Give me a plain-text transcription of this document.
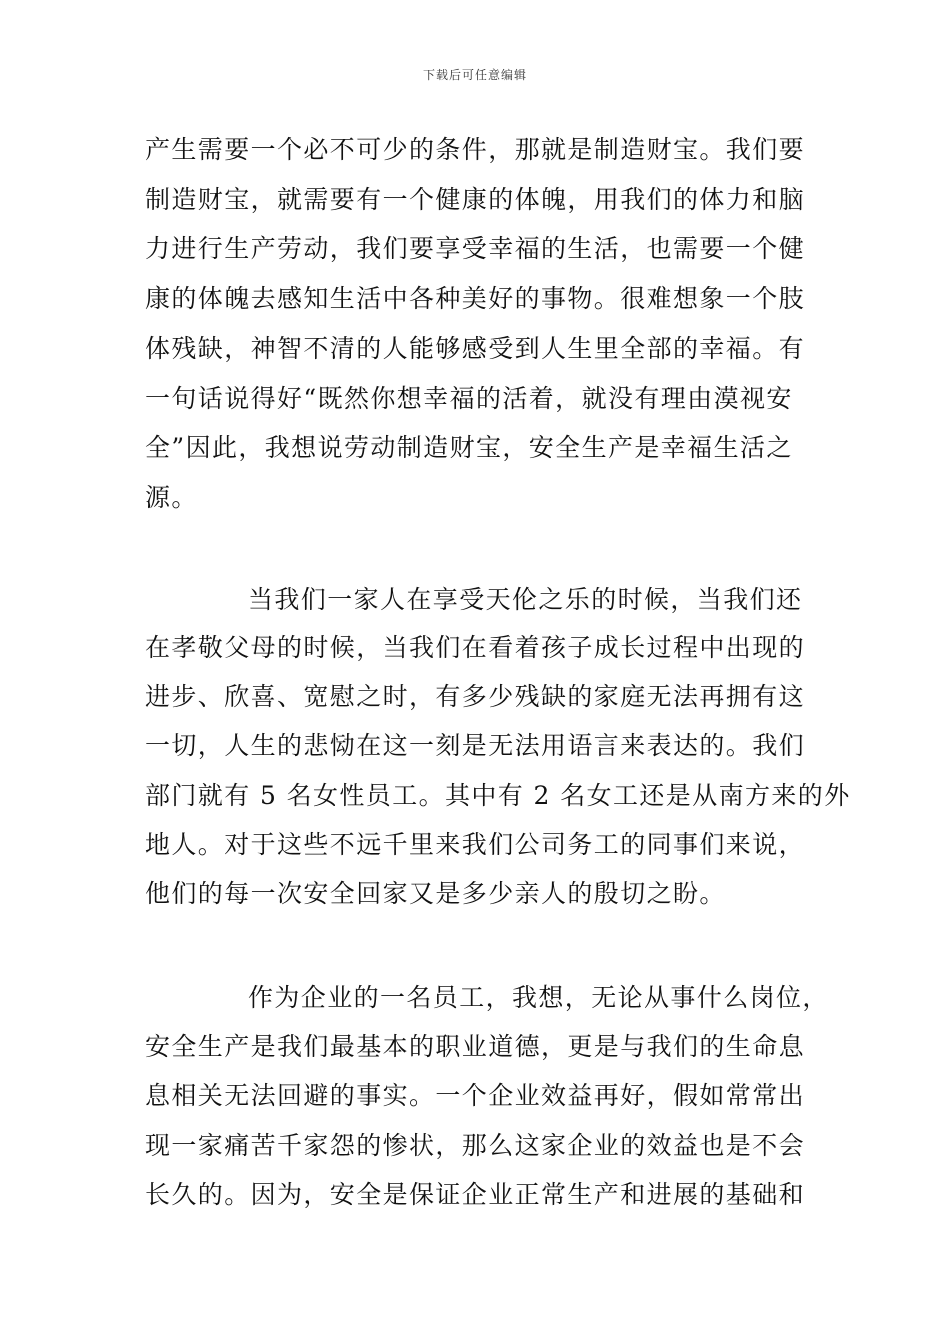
下载后可任意编辑
产生需要一个必不可少的条件，那就是制造财宝。我们要
制造财宝，就需要有一个健康的体魄，用我们的体力和脑
力进行生产劳动，我们要享受幸福的生活，也需要一个健
康的体魄去感知生活中各种美好的事物。很难想象一个肢
体残缺，神智不清的人能够感受到人生里全部的幸福。有
一句话说得好“既然你想幸福的活着，就没有理由漠视安
全”因此，我想说劳动制造财宝，安全生产是幸福生活之
源。
当我们一家人在享受天伦之乐的时候，当我们还
在孝敬父母的时候，当我们在看着孩子成长过程中出现的
进步、欣喜、宽慰之时，有多少残缺的家庭无法再拥有这
一切，人生的悲恸在这一刻是无法用语言来表达的。我们
部门就有 5 名女性员工。其中有 2 名女工还是从南方来的外
地人。对于这些不远千里来我们公司务工的同事们来说，
他们的每一次安全回家又是多少亲人的殷切之盼。
作为企业的一名员工，我想，无论从事什么岗位，
安全生产是我们最基本的职业道德，更是与我们的生命息
息相关无法回避的事实。一个企业效益再好，假如常常出
现一家痛苦千家怨的惨状，那么这家企业的效益也是不会
长久的。因为，安全是保证企业正常生产和进展的基础和
